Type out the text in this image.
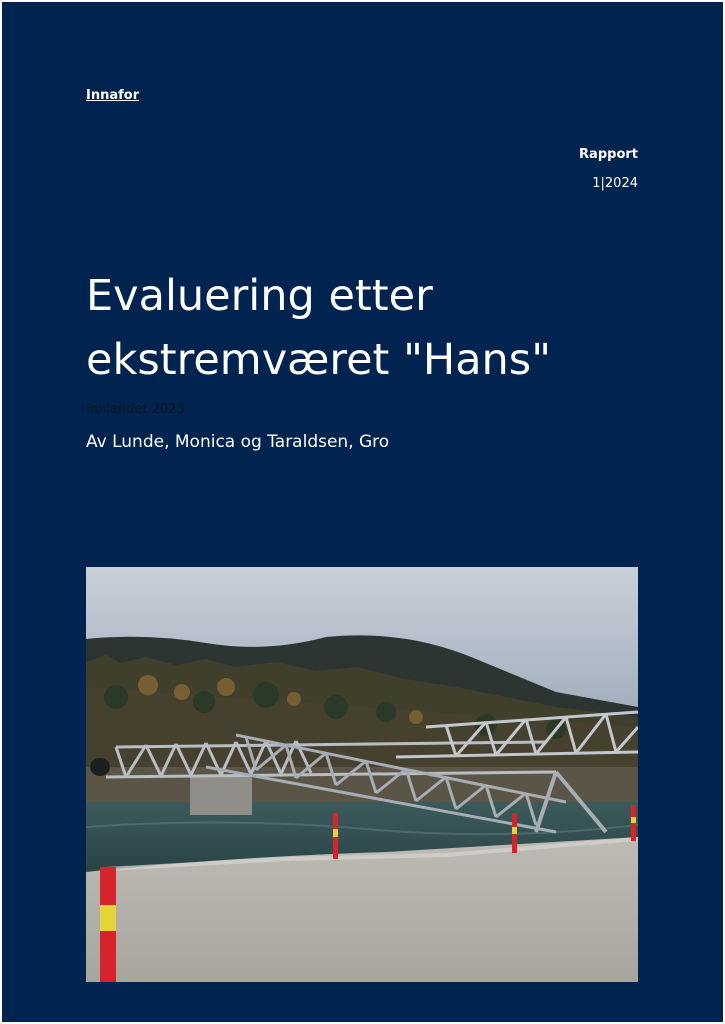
Innafor
Rapport
1|2024
Evaluering etter
ekstremværet "Hans"
Innlandet 2023
Av Lunde, Monica og Taraldsen, Gro
